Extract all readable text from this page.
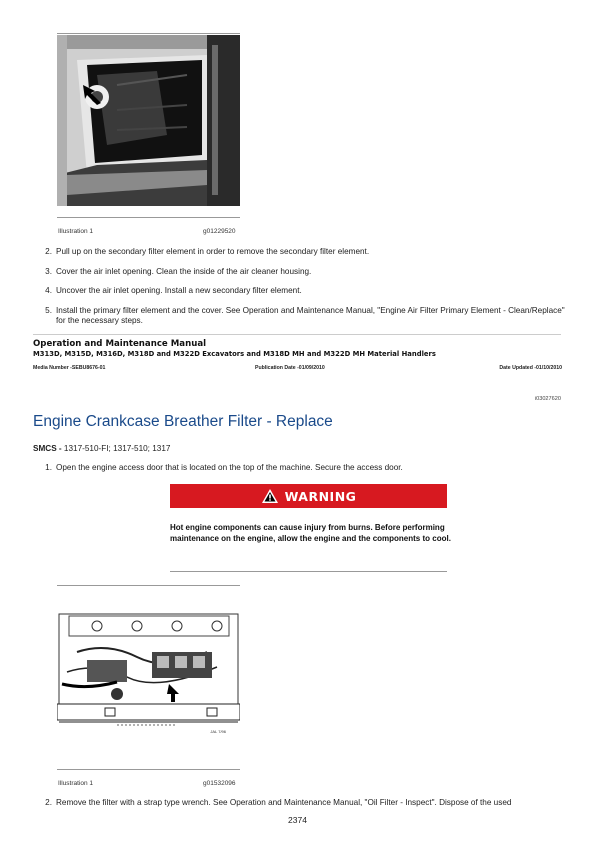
Illustration 1	g01229520
2. Pull up on the secondary filter element in order to remove the secondary filter element.
3. Cover the air inlet opening. Clean the inside of the air cleaner housing.
4. Uncover the air inlet opening. Install a new secondary filter element.
5. Install the primary filter element and the cover. See Operation and Maintenance Manual, "Engine Air Filter Primary Element - Clean/Replace" for the necessary steps.
Operation and Maintenance Manual
M313D, M315D, M316D, M318D and M322D Excavators and M318D MH and M322D MH Material Handlers
Media Number -SEBU8676-01	Publication Date -01/09/2010	Date Updated -01/10/2010
i03027620
Engine Crankcase Breather Filter - Replace
SMCS - 1317-510-FI; 1317-510; 1317
1. Open the engine access door that is located on the top of the machine. Secure the access door.
WARNING
Hot engine components can cause injury from burns. Before performing maintenance on the engine, allow the engine and the components to cool.
JAL 7/96
Illustration 1	g01532096
2. Remove the filter with a strap type wrench. See Operation and Maintenance Manual, "Oil Filter - Inspect". Dispose of the used
2374
